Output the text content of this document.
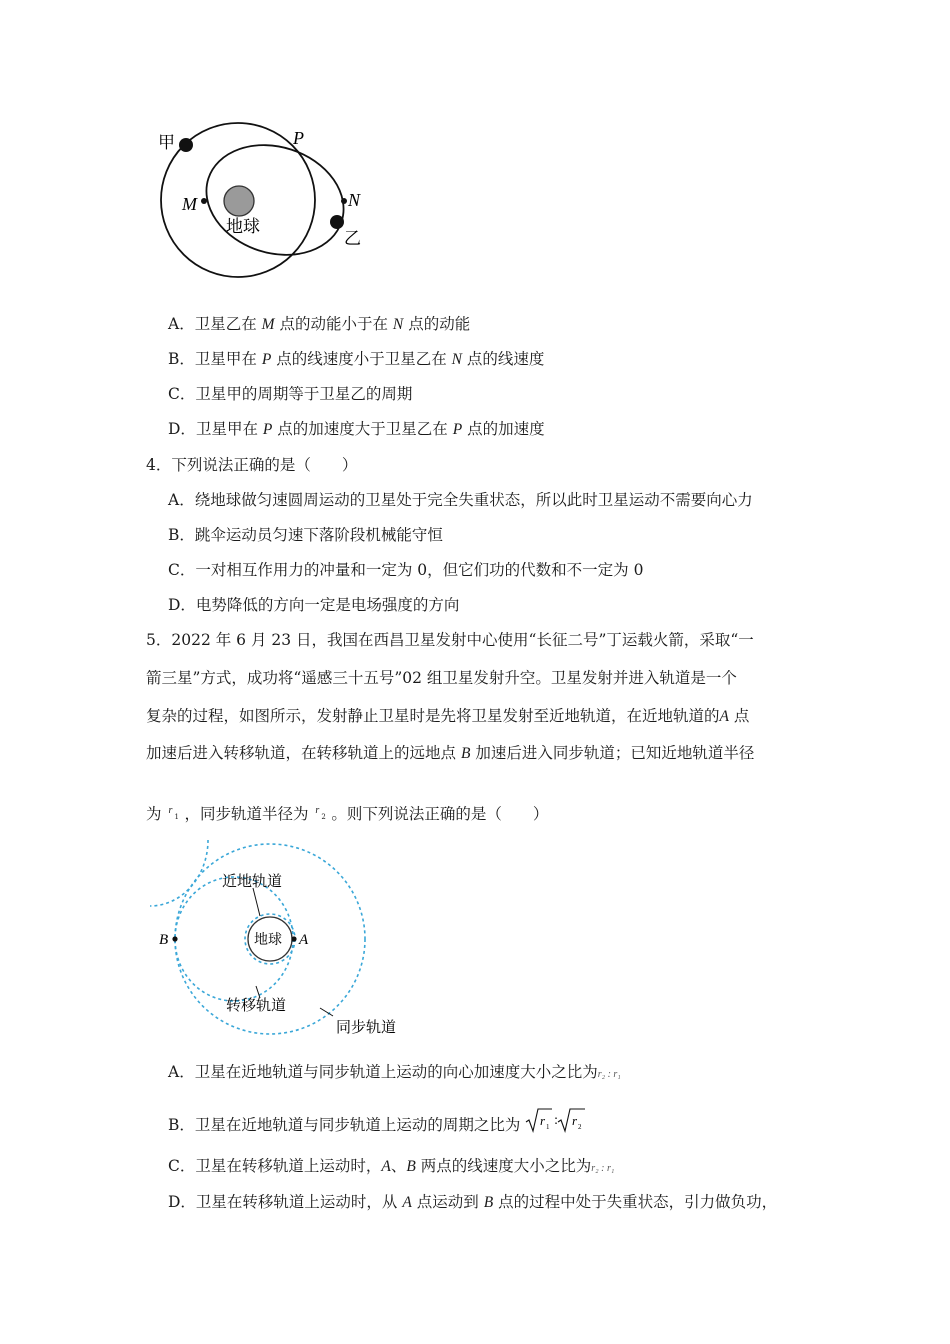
甲	P
M	N
地球
乙
A．卫星乙在 M 点的动能小于在 N 点的动能
B．卫星甲在 P 点的线速度小于卫星乙在 N 点的线速度
C．卫星甲的周期等于卫星乙的周期
D．卫星甲在 P 点的加速度大于卫星乙在 P 点的加速度
4．下列说法正确的是（　　）
A．绕地球做匀速圆周运动的卫星处于完全失重状态，所以此时卫星运动不需要向心力
B．跳伞运动员匀速下落阶段机械能守恒
C．一对相互作用力的冲量和一定为 0，但它们功的代数和不一定为 0
D．电势降低的方向一定是电场强度的方向
5．2022 年 6 月 23 日，我国在西昌卫星发射中心使用“长征二号”丁运载火箭，采取“一
箭三星”方式，成功将“遥感三十五号”02 组卫星发射升空。卫星发射并进入轨道是一个
复杂的过程，如图所示，发射静止卫星时是先将卫星发射至近地轨道，在近地轨道的A 点
加速后进入转移轨道，在转移轨道上的远地点 B 加速后进入同步轨道；已知近地轨道半径
为 r
1 ，同步轨道半径为 r
2 。则下列说法正确的是（　　）
近地轨道
地球 A
B
转移轨道
同步轨道
A．卫星在近地轨道与同步轨道上运动的向心加速度大小之比为r₂ : r₁
B．卫星在近地轨道与同步轨道上运动的周期之比为 r 1 : r 2
C．卫星在转移轨道上运动时，A、B 两点的线速度大小之比为r₂ : r₁
D．卫星在转移轨道上运动时，从 A 点运动到 B 点的过程中处于失重状态，引力做负功，
